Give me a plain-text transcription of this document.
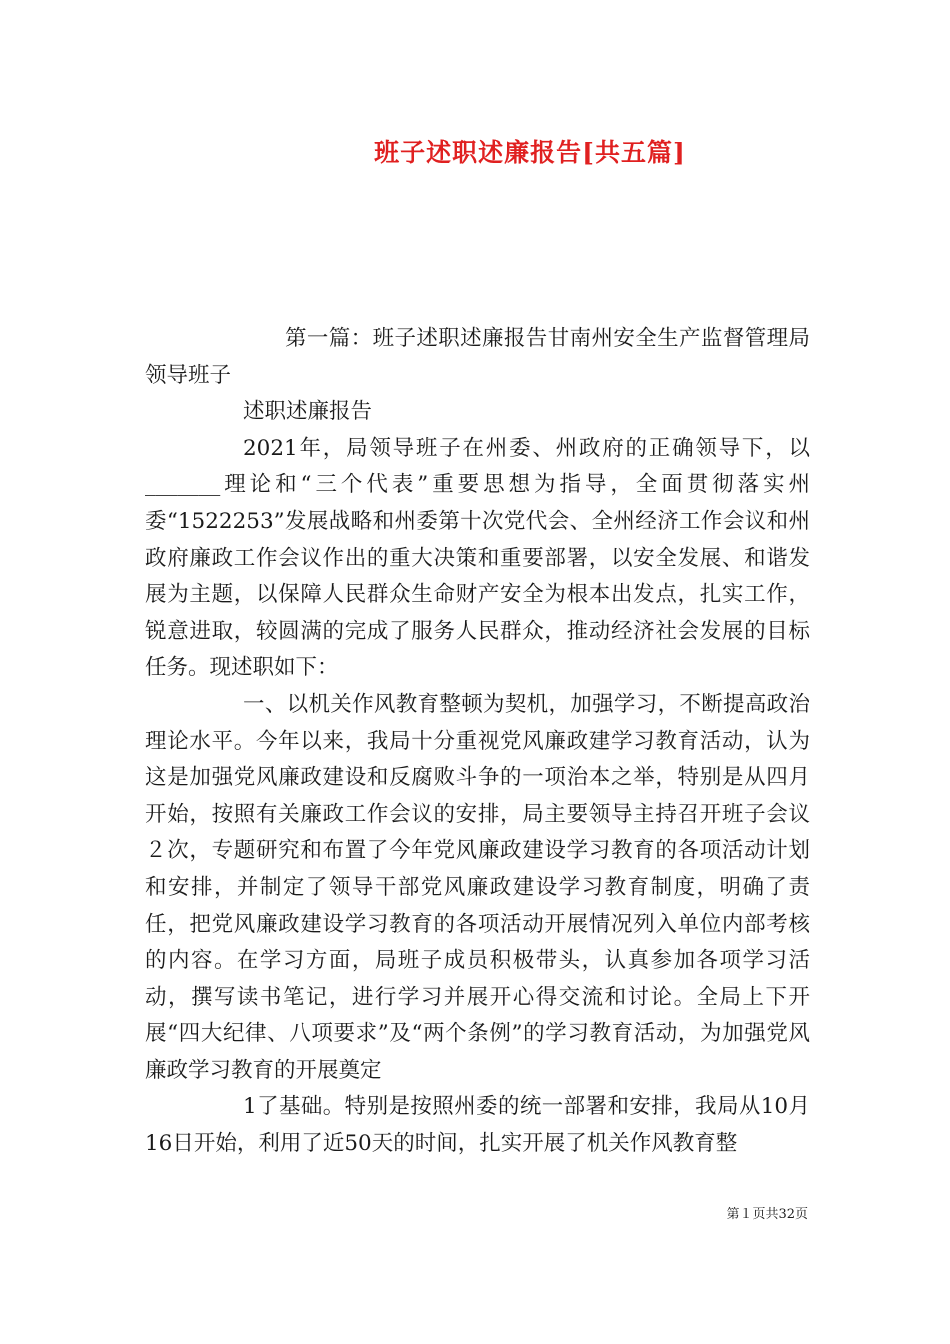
班子述职述廉报告[共五篇]

第一篇：班子述职述廉报告甘南州安全生产监督管理局领导班子

述职述廉报告

2021年，局领导班子在州委、州政府的正确领导下，以_______理论和“三个代表”重要思想为指导，全面贯彻落实州委“1522253”发展战略和州委第十次党代会、全州经济工作会议和州政府廉政工作会议作出的重大决策和重要部署，以安全发展、和谐发展为主题，以保障人民群众生命财产安全为根本出发点，扎实工作，锐意进取，较圆满的完成了服务人民群众，推动经济社会发展的目标任务。现述职如下：

一、以机关作风教育整顿为契机，加强学习，不断提高政治理论水平。今年以来，我局十分重视党风廉政建学习教育活动，认为这是加强党风廉政建设和反腐败斗争的一项治本之举，特别是从四月开始，按照有关廉政工作会议的安排，局主要领导主持召开班子会议２次，专题研究和布置了今年党风廉政建设学习教育的各项活动计划和安排，并制定了领导干部党风廉政建设学习教育制度，明确了责任，把党风廉政建设学习教育的各项活动开展情况列入单位内部考核的内容。在学习方面，局班子成员积极带头，认真参加各项学习活动，撰写读书笔记，进行学习并展开心得交流和讨论。全局上下开展“四大纪律、八项要求”及“两个条例”的学习教育活动，为加强党风廉政学习教育的开展奠定

1了基础。特别是按照州委的统一部署和安排，我局从10月16日开始，利用了近50天的时间，扎实开展了机关作风教育整

第１页共32页
